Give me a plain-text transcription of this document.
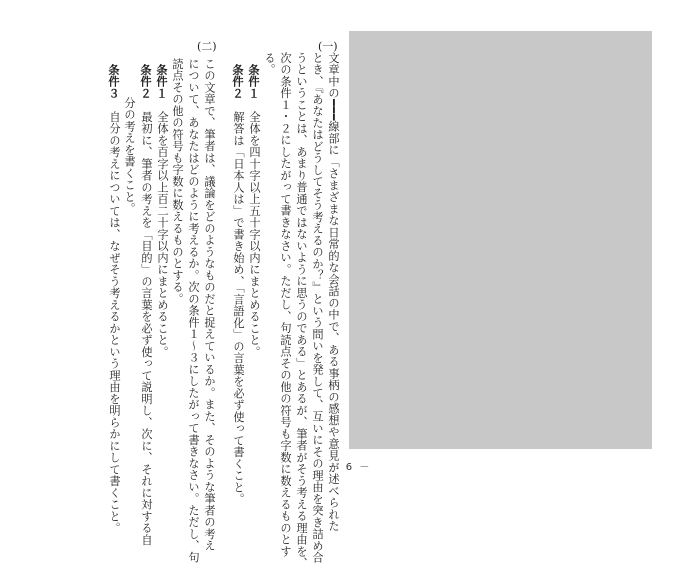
(一)
文章中の━━━線部に「さまざまな日常的な会話の中で、ある事柄の感想や意見が述べられた
とき、『あなたはどうしてそう考えるのか？』という問いを発して、互いにその理由を突き詰め合
うということは、あまり普通ではないように思うのである」とあるが、筆者がそう考える理由を、
次の条件１・２にしたがって書きなさい。ただし、句読点その他の符号も字数に数えるものとす
る。
条件１　全体を四十字以上五十字以内にまとめること。
条件２　解答は「日本人は」で書き始め、「言語化」の言葉を必ず使って書くこと。
(二)
この文章で、筆者は、議論をどのようなものだと捉えているか。また、そのような筆者の考え
について、あなたはどのように考えるか。次の条件１～３にしたがって書きなさい。ただし、句
読点その他の符号も字数に数えるものとする。
条件１　全体を百字以上百二十字以内にまとめること。
条件２　最初に、筆者の考えを「目的」の言葉を必ず使って説明し、次に、それに対する自
分の考えを書くこと。
条件３　自分の考えについては、なぜそう考えるかという理由を明らかにして書くこと。	－ 6 －
